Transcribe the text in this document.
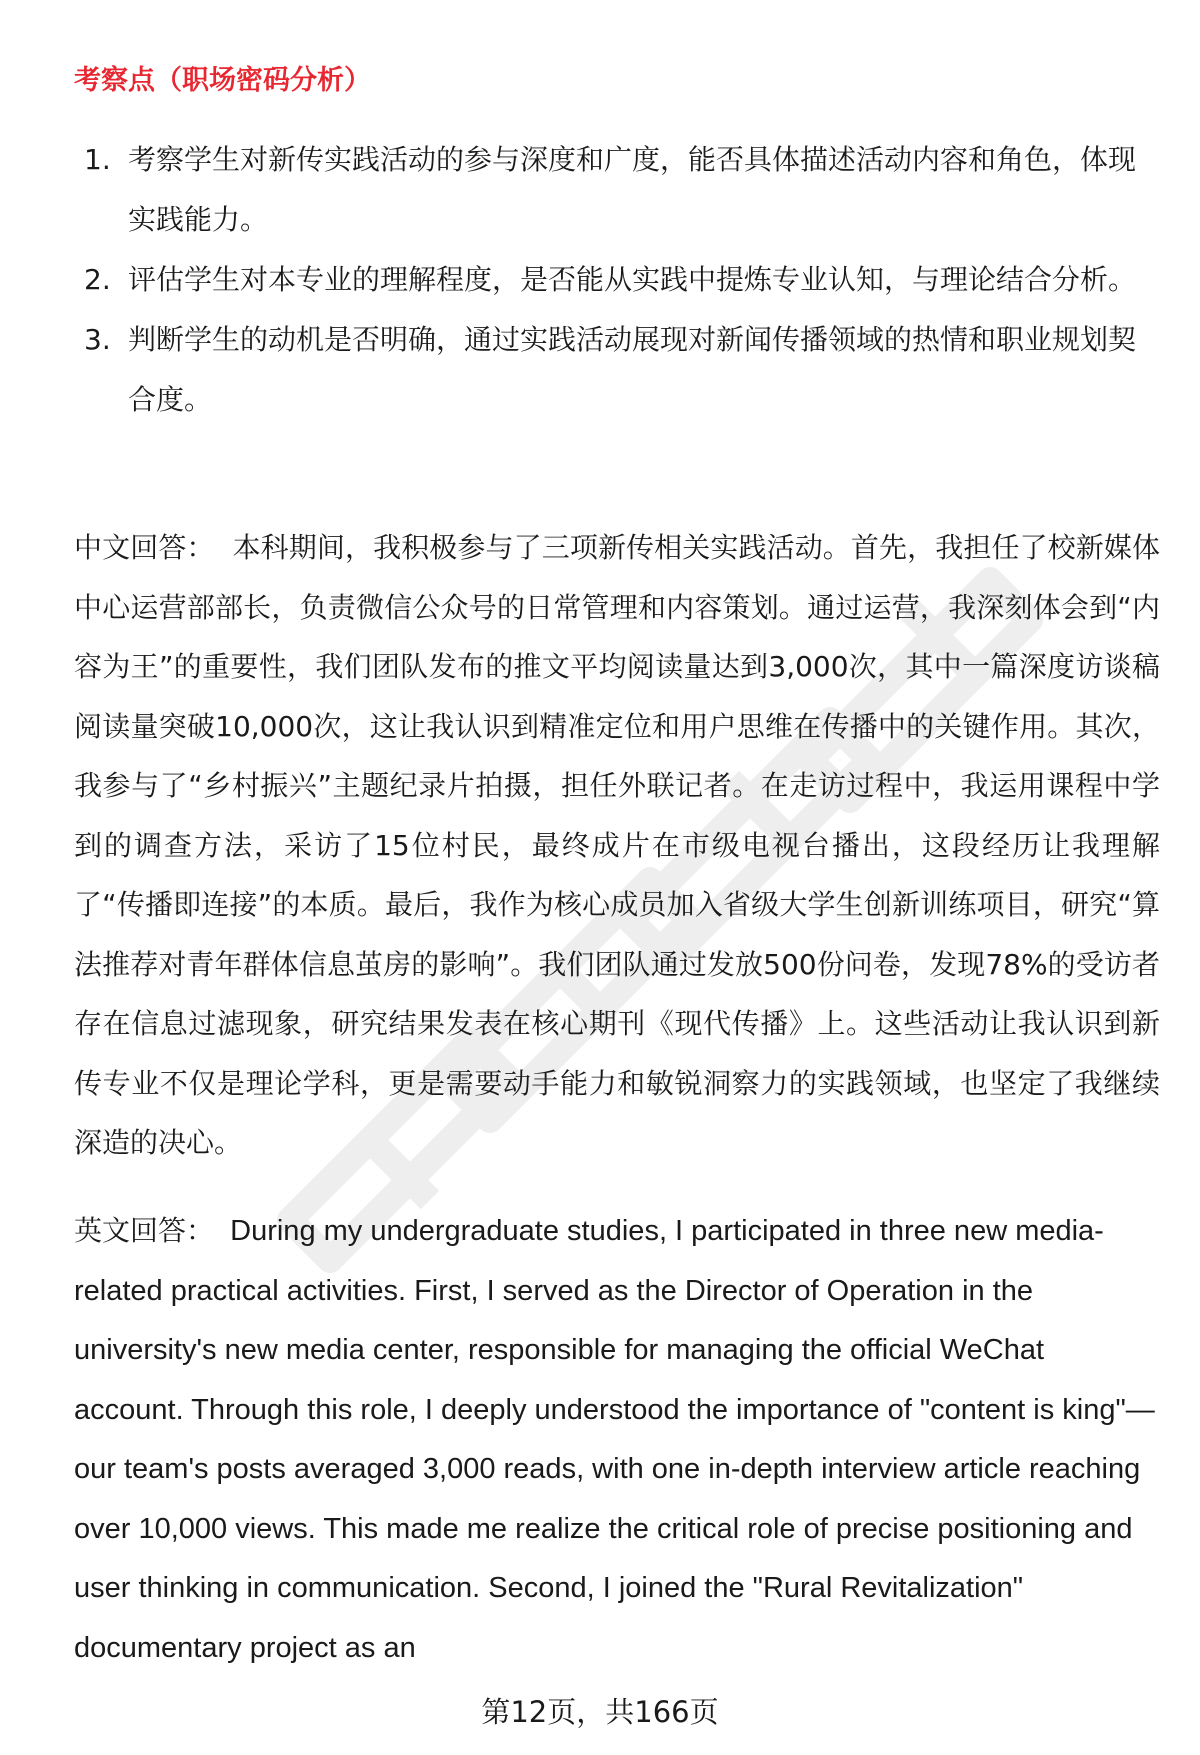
考察点（职场密码分析）
1. 考察学生对新传实践活动的参与深度和广度，能否具体描述活动内容和角色，体现实践能力。
2. 评估学生对本专业的理解程度，是否能从实践中提炼专业认知，与理论结合分析。
3. 判断学生的动机是否明确，通过实践活动展现对新闻传播领域的热情和职业规划契合度。

中文回答： 本科期间，我积极参与了三项新传相关实践活动。首先，我担任了校新媒体中心运营部部长，负责微信公众号的日常管理和内容策划。通过运营，我深刻体会到“内容为王”的重要性，我们团队发布的推文平均阅读量达到3,000次，其中一篇深度访谈稿阅读量突破10,000次，这让我认识到精准定位和用户思维在传播中的关键作用。其次，我参与了“乡村振兴”主题纪录片拍摄，担任外联记者。在走访过程中，我运用课程中学到的调查方法，采访了15位村民，最终成片在市级电视台播出，这段经历让我理解了“传播即连接”的本质。最后，我作为核心成员加入省级大学生创新训练项目，研究“算法推荐对青年群体信息茧房的影响”。我们团队通过发放500份问卷，发现78%的受访者存在信息过滤现象，研究结果发表在核心期刊《现代传播》上。这些活动让我认识到新传专业不仅是理论学科，更是需要动手能力和敏锐洞察力的实践领域，也坚定了我继续深造的决心。

英文回答： During my undergraduate studies, I participated in three new media-related practical activities. First, I served as the Director of Operation in the university's new media center, responsible for managing the official WeChat account. Through this role, I deeply understood the importance of "content is king"—our team's posts averaged 3,000 reads, with one in-depth interview article reaching over 10,000 views. This made me realize the critical role of precise positioning and user thinking in communication. Second, I joined the "Rural Revitalization" documentary project as an

第12页，共166页
